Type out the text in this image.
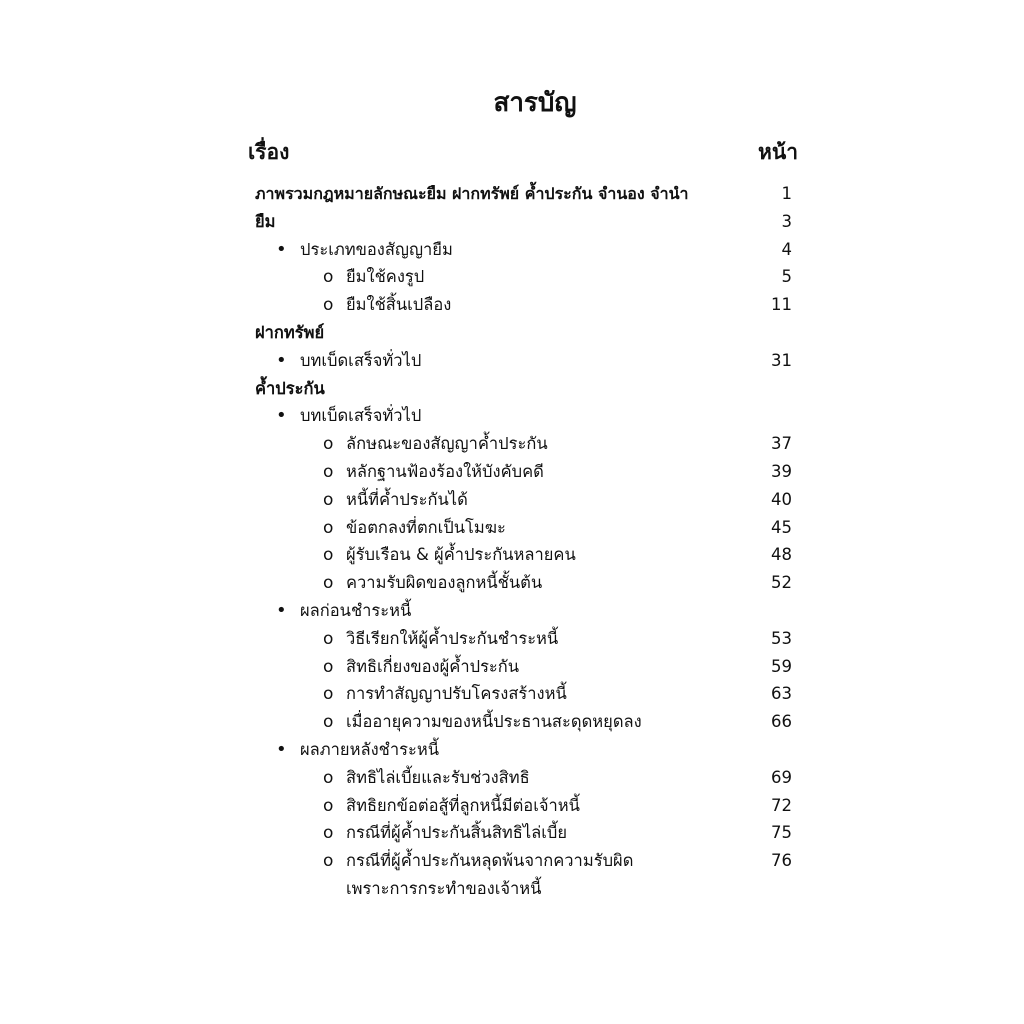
สารบัญ
เรื่อง	หน้า
ภาพรวมกฎหมายลักษณะยืม ฝากทรัพย์ ค้ำประกัน จำนอง จำนำ	1
ยืม	3
• ประเภทของสัญญายืม	4
o ยืมใช้คงรูป	5
o ยืมใช้สิ้นเปลือง	11
ฝากทรัพย์
• บทเบ็ดเสร็จทั่วไป	31
ค้ำประกัน
• บทเบ็ดเสร็จทั่วไป
o ลักษณะของสัญญาค้ำประกัน	37
o หลักฐานฟ้องร้องให้บังคับคดี	39
o หนี้ที่ค้ำประกันได้	40
o ข้อตกลงที่ตกเป็นโมฆะ	45
o ผู้รับเรือน & ผู้ค้ำประกันหลายคน	48
o ความรับผิดของลูกหนี้ชั้นต้น	52
• ผลก่อนชำระหนี้
o วิธีเรียกให้ผู้ค้ำประกันชำระหนี้	53
o สิทธิเกี่ยงของผู้ค้ำประกัน	59
o การทำสัญญาปรับโครงสร้างหนี้	63
o เมื่ออายุความของหนี้ประธานสะดุดหยุดลง	66
• ผลภายหลังชำระหนี้
o สิทธิไล่เบี้ยและรับช่วงสิทธิ	69
o สิทธิยกข้อต่อสู้ที่ลูกหนี้มีต่อเจ้าหนี้	72
o กรณีที่ผู้ค้ำประกันสิ้นสิทธิไล่เบี้ย	75
o กรณีที่ผู้ค้ำประกันหลุดพ้นจากความรับผิด	76
เพราะการกระทำของเจ้าหนี้
